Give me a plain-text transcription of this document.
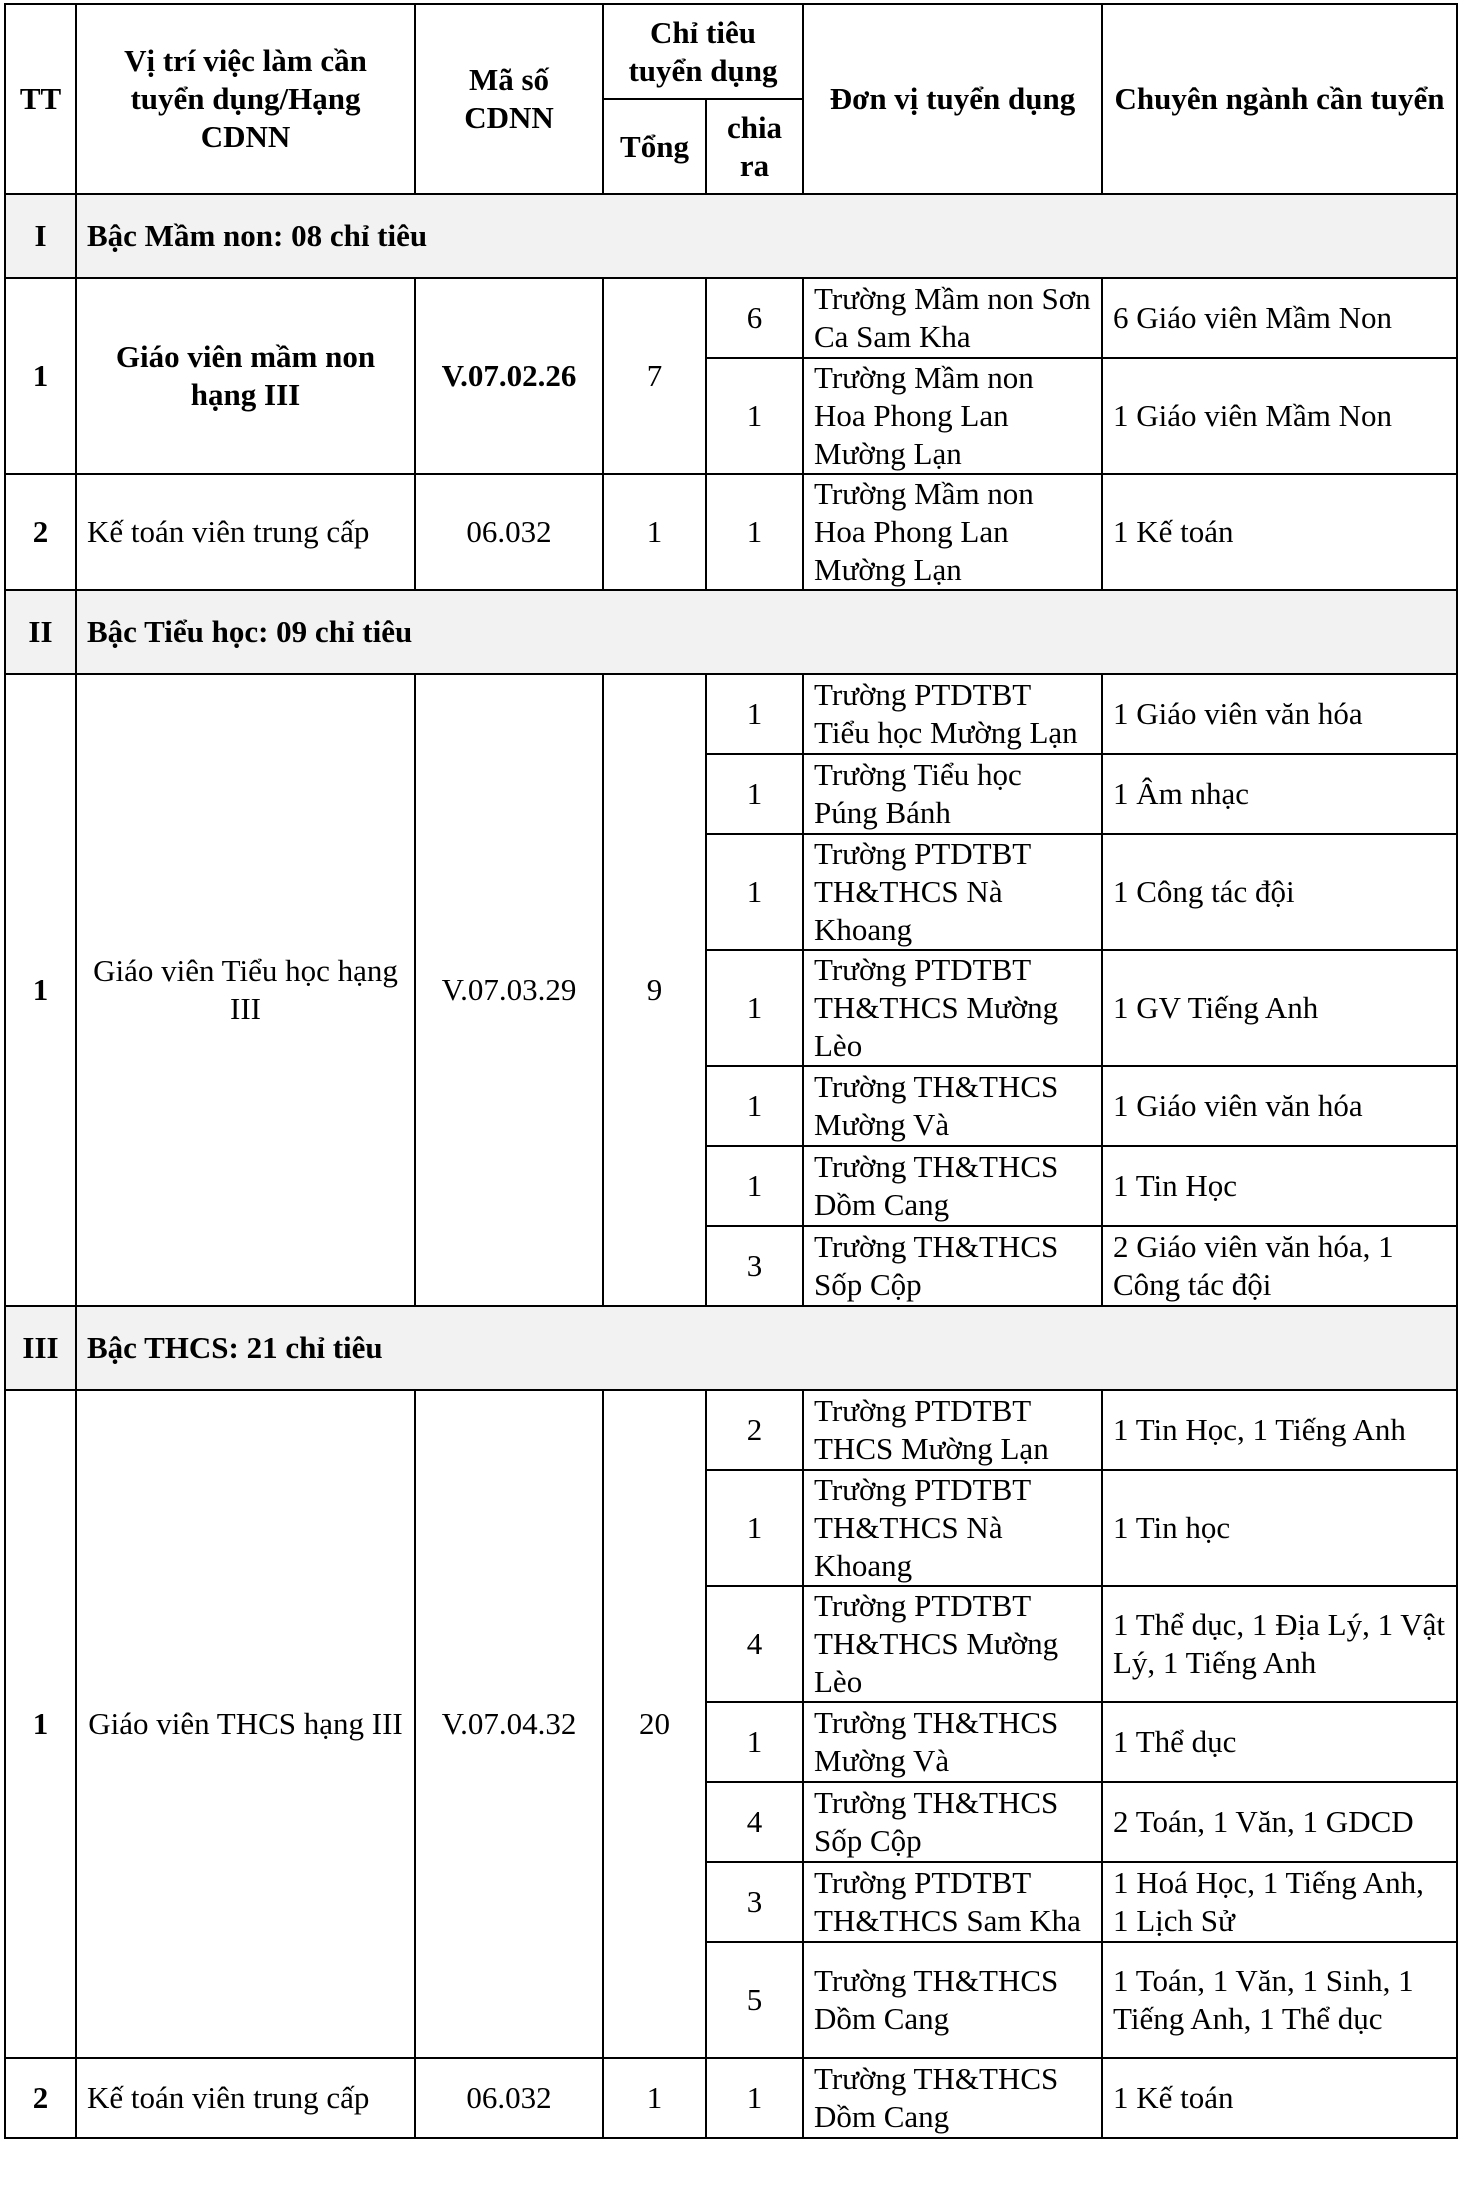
TT	Vị trí việc làm cần tuyển dụng/Hạng CDNN	Mã số CDNN	Chỉ tiêu tuyển dụng		Đơn vị tuyển dụng	Chuyên ngành cần tuyển
			Tổng	chia ra		
I	Bậc Mầm non: 08 chỉ tiêu					
1	Giáo viên mầm non hạng III	V.07.02.26	7	6	Trường Mầm non Sơn Ca Sam Kha	6 Giáo viên Mầm Non
				1	Trường Mầm non Hoa Phong Lan Mường Lạn	1 Giáo viên Mầm Non
2	Kế toán viên trung cấp	06.032	1	1	Trường Mầm non Hoa Phong Lan Mường Lạn	1 Kế toán
II	Bậc Tiểu học: 09 chỉ tiêu					
1	Giáo viên Tiểu học hạng III	V.07.03.29	9	1	Trường PTDTBT Tiểu học Mường Lạn	1 Giáo viên văn hóa
				1	Trường Tiểu học Púng Bánh	1 Âm nhạc
				1	Trường PTDTBT TH&THCS Nà Khoang	1 Công tác đội
				1	Trường PTDTBT TH&THCS Mường Lèo	1 GV Tiếng Anh
				1	Trường TH&THCS Mường Và	1 Giáo viên văn hóa
				1	Trường TH&THCS Dồm Cang	1 Tin Học
				3	Trường TH&THCS Sốp Cộp	2 Giáo viên văn hóa, 1 Công tác đội
III	Bậc THCS: 21 chỉ tiêu					
1	Giáo viên THCS hạng III	V.07.04.32	20	2	Trường PTDTBT THCS Mường Lạn	1 Tin Học, 1 Tiếng Anh
				1	Trường PTDTBT TH&THCS Nà Khoang	1 Tin học
				4	Trường PTDTBT TH&THCS Mường Lèo	1 Thể dục, 1 Địa Lý, 1 Vật Lý, 1 Tiếng Anh
				1	Trường TH&THCS Mường Và	1 Thể dục
				4	Trường TH&THCS Sốp Cộp	2 Toán, 1 Văn, 1 GDCD
				3	Trường PTDTBT TH&THCS Sam Kha	1 Hoá Học, 1 Tiếng Anh, 1 Lịch Sử
				5	Trường TH&THCS Dồm Cang	1 Toán, 1 Văn, 1 Sinh, 1 Tiếng Anh, 1 Thể dục
2	Kế toán viên trung cấp	06.032	1	1	Trường TH&THCS Dồm Cang	1 Kế toán
